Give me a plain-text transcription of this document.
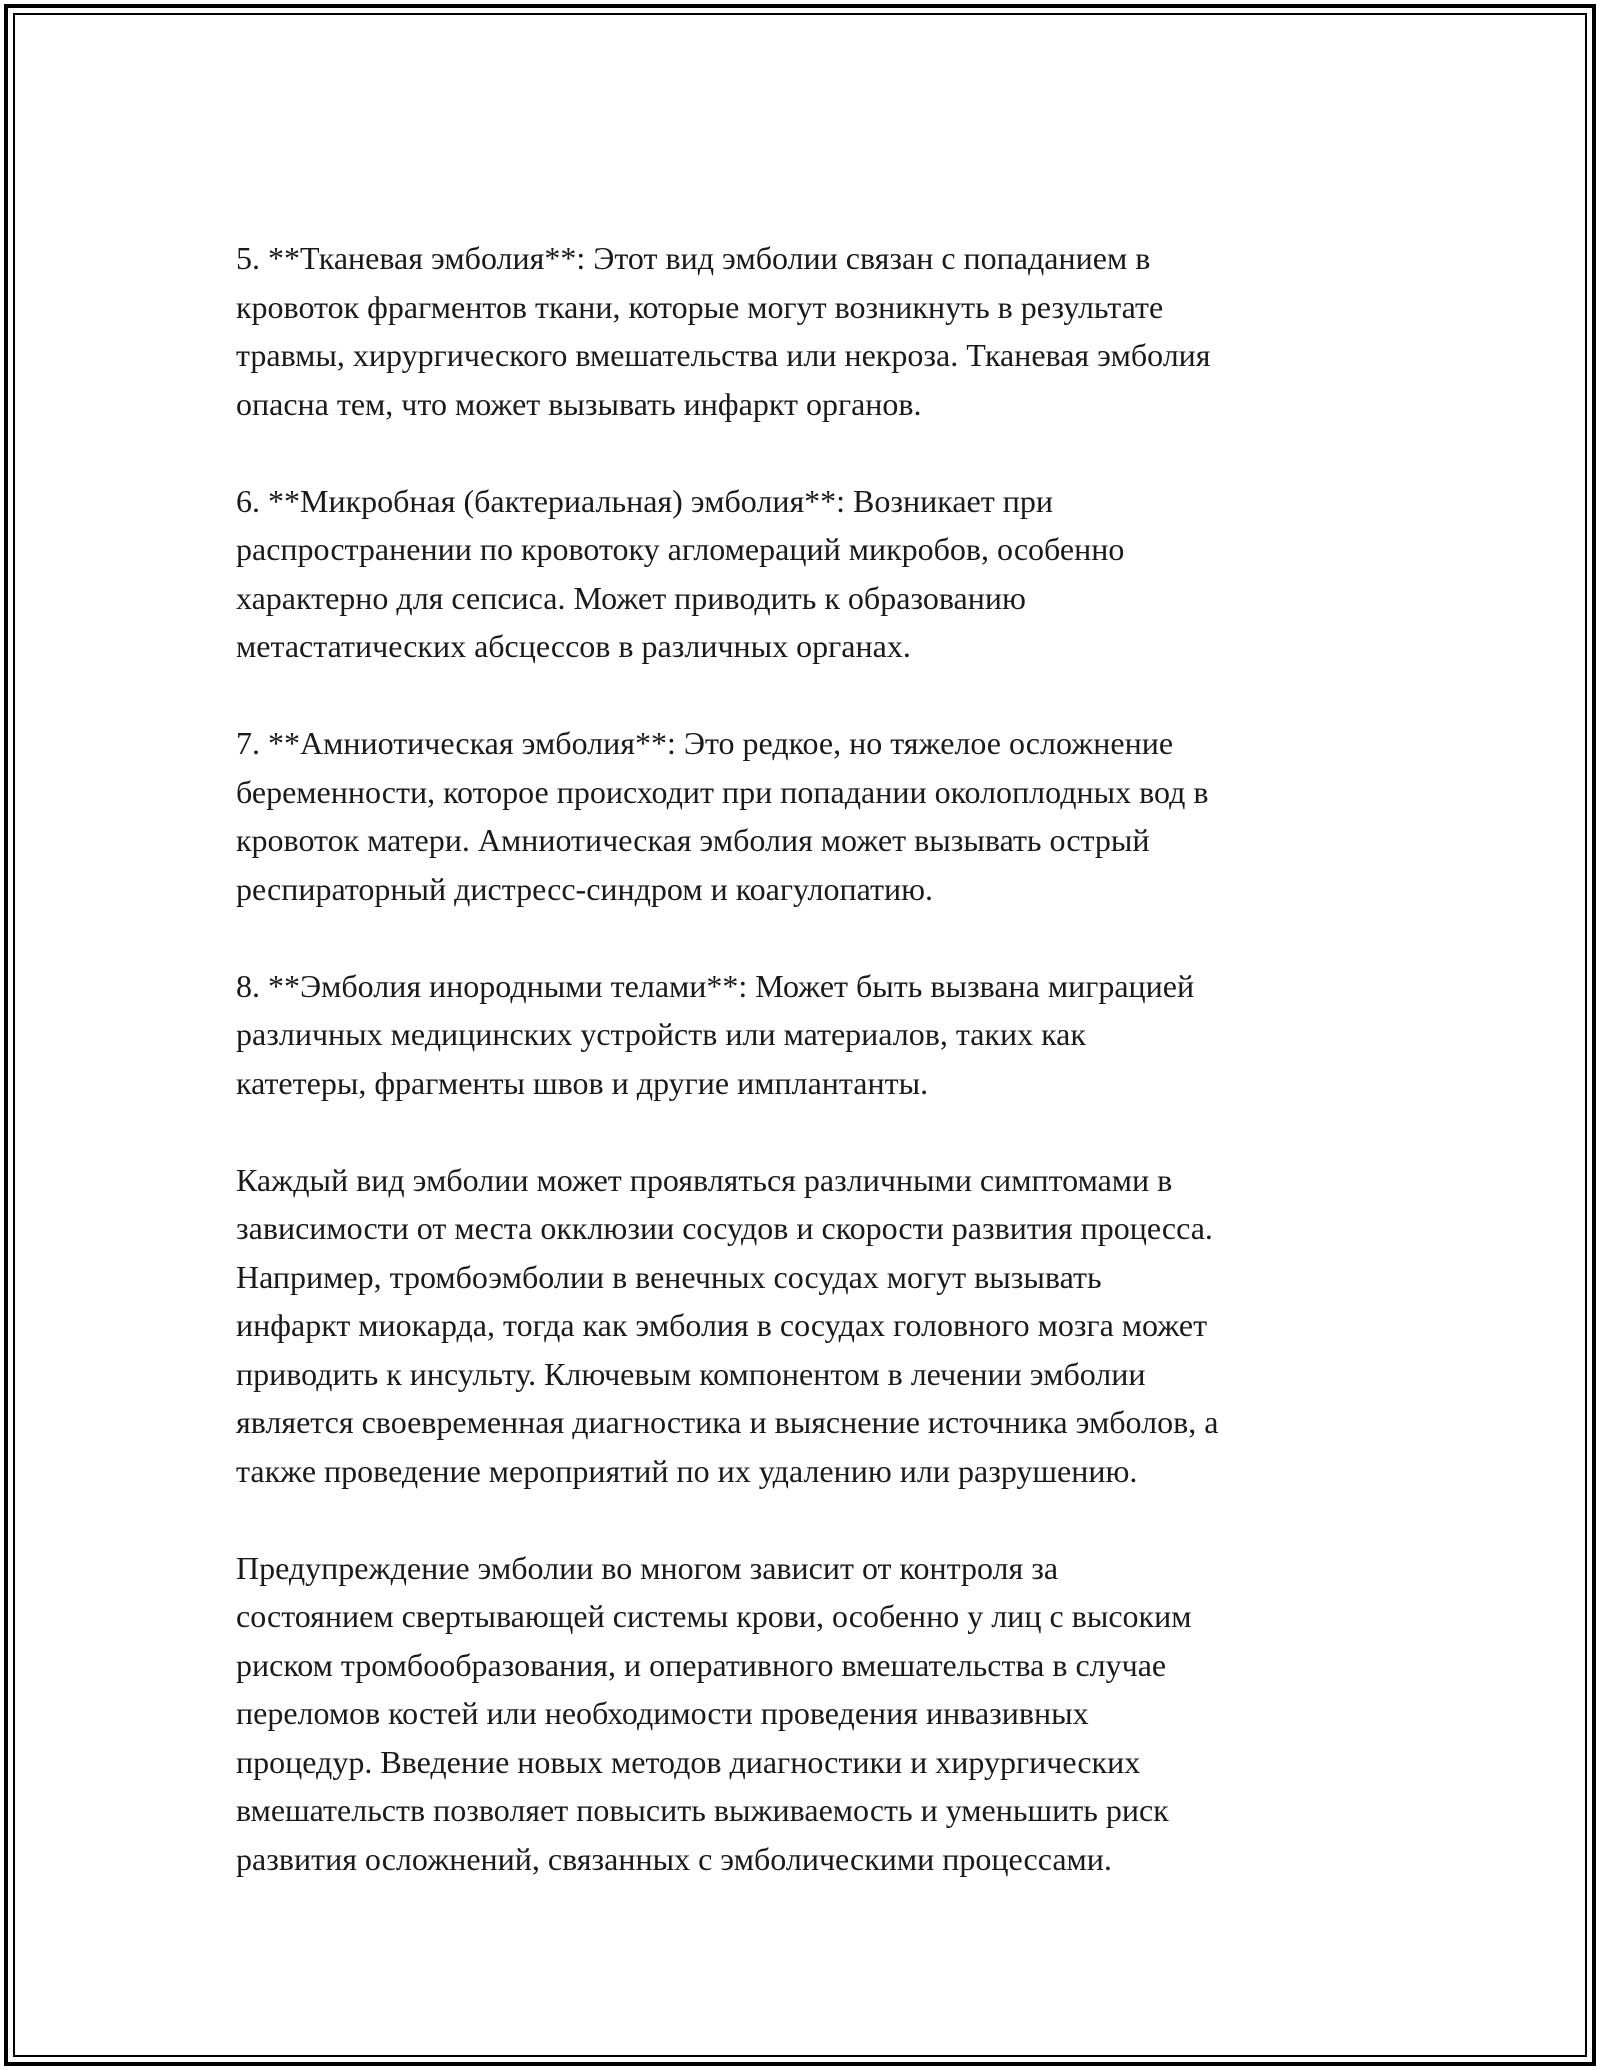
5. **Тканевая эмболия**: Этот вид эмболии связан с попаданием в
кровоток фрагментов ткани, которые могут возникнуть в результате
травмы, хирургического вмешательства или некроза. Тканевая эмболия
опасна тем, что может вызывать инфаркт органов.

6. **Микробная (бактериальная) эмболия**: Возникает при
распространении по кровотоку агломераций микробов, особенно
характерно для сепсиса. Может приводить к образованию
метастатических абсцессов в различных органах.

7. **Амниотическая эмболия**: Это редкое, но тяжелое осложнение
беременности, которое происходит при попадании околоплодных вод в
кровоток матери. Амниотическая эмболия может вызывать острый
респираторный дистресс-синдром и коагулопатию.

8. **Эмболия инородными телами**: Может быть вызвана миграцией
различных медицинских устройств или материалов, таких как
катетеры, фрагменты швов и другие имплантанты.

Каждый вид эмболии может проявляться различными симптомами в
зависимости от места окклюзии сосудов и скорости развития процесса.
Например, тромбоэмболии в венечных сосудах могут вызывать
инфаркт миокарда, тогда как эмболия в сосудах головного мозга может
приводить к инсульту. Ключевым компонентом в лечении эмболии
является своевременная диагностика и выяснение источника эмболов, а
также проведение мероприятий по их удалению или разрушению.

Предупреждение эмболии во многом зависит от контроля за
состоянием свертывающей системы крови, особенно у лиц с высоким
риском тромбообразования, и оперативного вмешательства в случае
переломов костей или необходимости проведения инвазивных
процедур. Введение новых методов диагностики и хирургических
вмешательств позволяет повысить выживаемость и уменьшить риск
развития осложнений, связанных с эмболическими процессами.
